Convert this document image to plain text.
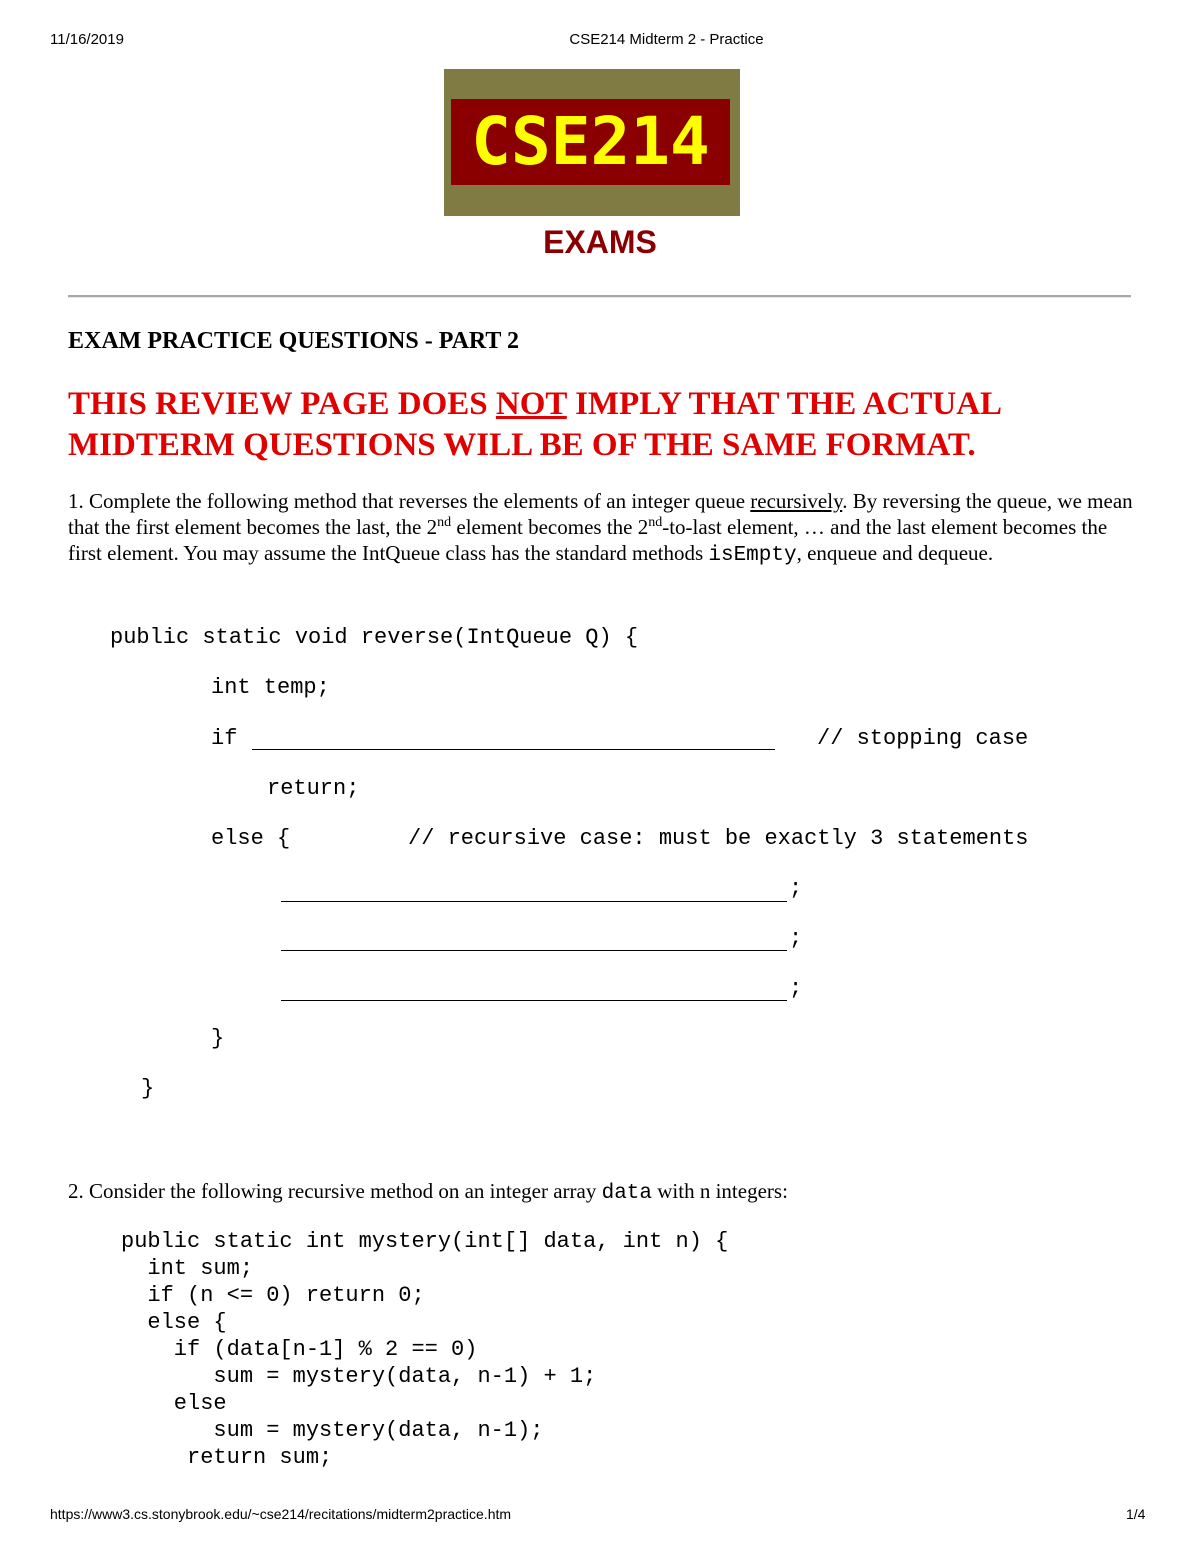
11/16/2019	CSE214 Midterm 2 - Practice
CSE214
EXAMS
EXAM PRACTICE QUESTIONS - PART 2
THIS REVIEW PAGE DOES NOT IMPLY THAT THE ACTUAL MIDTERM QUESTIONS WILL BE OF THE SAME FORMAT.
1. Complete the following method that reverses the elements of an integer queue recursively. By reversing the queue, we mean that the first element becomes the last, the 2nd element becomes the 2nd-to-last element, … and the last element becomes the first element. You may assume the IntQueue class has the standard methods isEmpty, enqueue and dequeue.
public static void reverse(IntQueue Q) {
int temp;
if	// stopping case
return;
else {	// recursive case: must be exactly 3 statements
;
;
;
}
}
2. Consider the following recursive method on an integer array data with n integers:
public static int mystery(int[] data, int n) {
int sum;
if (n <= 0) return 0;
else {
if (data[n-1] % 2 == 0)
sum = mystery(data, n-1) + 1;
else
sum = mystery(data, n-1);
return sum;
https://www3.cs.stonybrook.edu/~cse214/recitations/midterm2practice.htm	1/4
